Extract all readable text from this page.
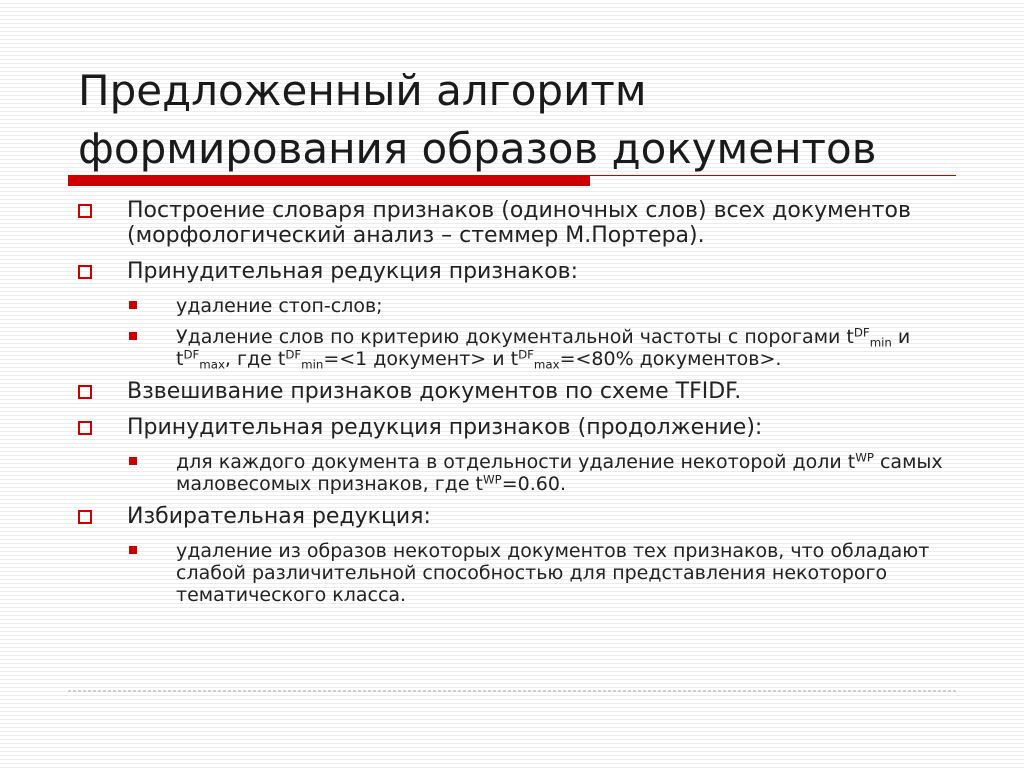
Предложенный алгоритм
формирования образов документов
Построение словаря признаков (одиночных слов) всех документов (морфологический анализ – стеммер М.Портера).
Принудительная редукция признаков:
удаление стоп-слов;
Удаление слов по критерию документальной частоты с порогами $t^{DF}_{min}$ и $t^{DF}_{max}$, где $t^{DF}_{min}=<1$ документ> и $t^{DF}_{max}=<80\%$ документов>.
Взвешивание признаков документов по схеме TFIDF.
Принудительная редукция признаков (продолжение):
для каждого документа в отдельности удаление некоторой доли $t^{WP}$ самых маловесомых признаков, где $t^{WP}=0.60$.
Избирательная редукция:
удаление из образов некоторых документов тех признаков, что обладают слабой различительной способностью для представления некоторого тематического класса.
